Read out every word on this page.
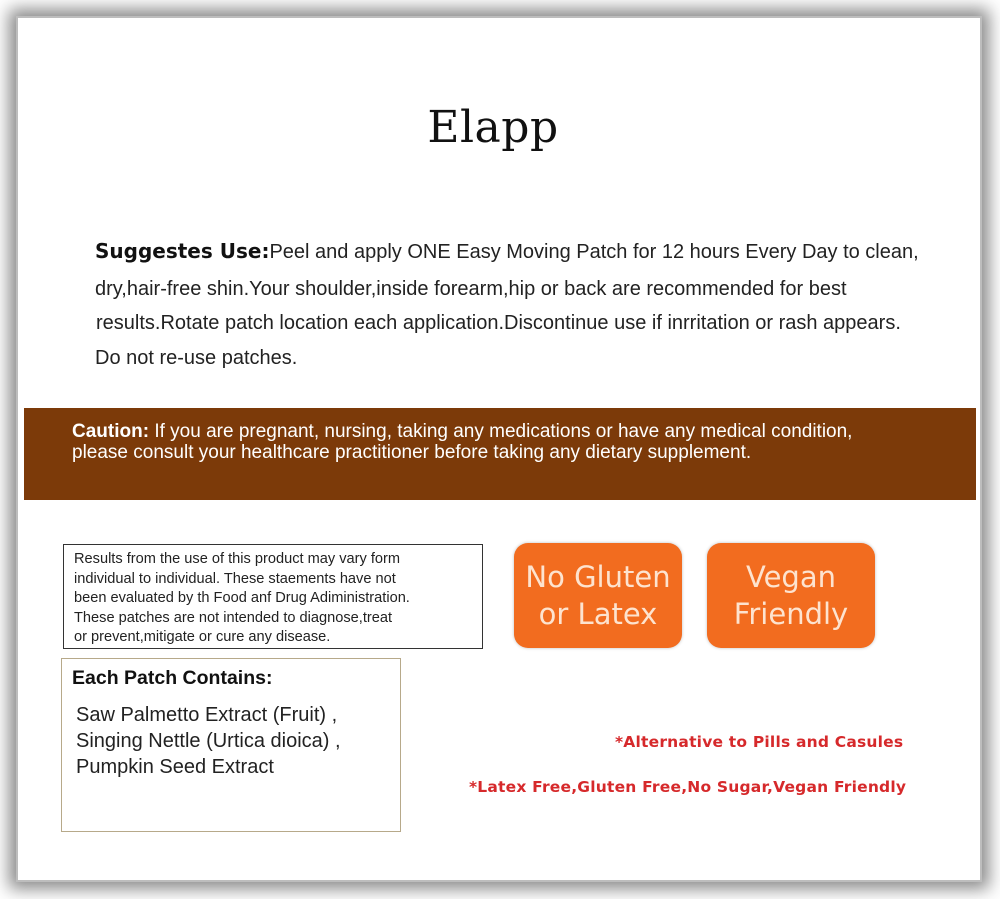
Elapp
Suggestes Use:Peel and apply ONE Easy Moving Patch for 12 hours Every Day to clean,
dry,hair-free shin.Your shoulder,inside forearm,hip or back are recommended for best
results.Rotate patch location each application.Discontinue use if inrritation or rash appears.
Do not re-use patches.
Caution: If you are pregnant, nursing, taking any medications or have any medical condition,
please consult your healthcare practitioner before taking any dietary supplement.
Results from the use of this product may vary form
individual to individual. These staements have not
been evaluated by th Food anf Drug Adiministration.
These patches are not intended to diagnose,treat
or prevent,mitigate or cure any disease.
Each Patch Contains:
Saw Palmetto Extract (Fruit) ,
Singing Nettle (Urtica dioica) ,
Pumpkin Seed Extract
No Gluten
or Latex
Vegan
Friendly
*Alternative to Pills and Casules
*Latex Free,Gluten Free,No Sugar,Vegan Friendly
